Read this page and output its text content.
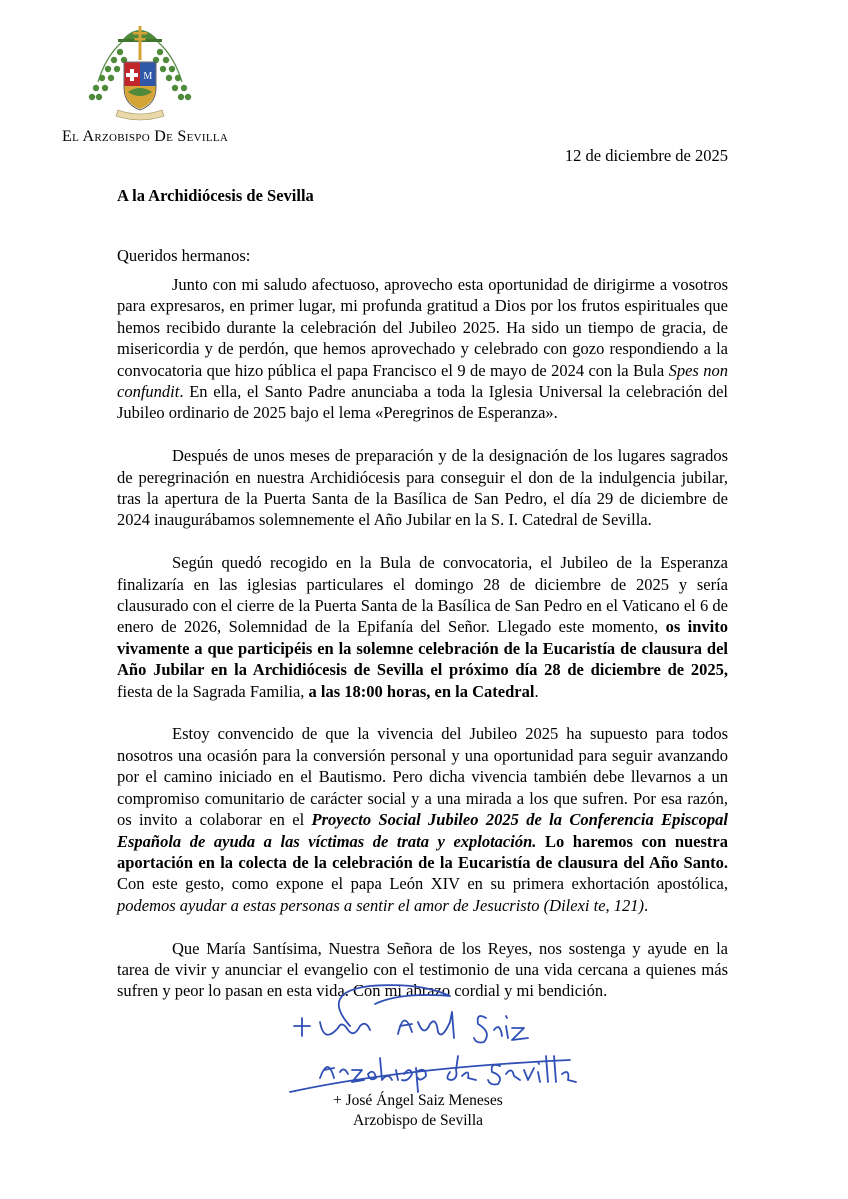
M
El Arzobispo De Sevilla
12 de diciembre de 2025
A la Archidiócesis de Sevilla
Queridos hermanos:

Junto con mi saludo afectuoso, aprovecho esta oportunidad de dirigirme a vosotros para expresaros, en primer lugar, mi profunda gratitud a Dios por los frutos espirituales que hemos recibido durante la celebración del Jubileo 2025. Ha sido un tiempo de gracia, de misericordia y de perdón, que hemos aprovechado y celebrado con gozo respondiendo a la convocatoria que hizo pública el papa Francisco el 9 de mayo de 2024 con la Bula Spes non confundit. En ella, el Santo Padre anunciaba a toda la Iglesia Universal la celebración del Jubileo ordinario de 2025 bajo el lema «Peregrinos de Esperanza».

Después de unos meses de preparación y de la designación de los lugares sagrados de peregrinación en nuestra Archidiócesis para conseguir el don de la indulgencia jubilar, tras la apertura de la Puerta Santa de la Basílica de San Pedro, el día 29 de diciembre de 2024 inaugurábamos solemnemente el Año Jubilar en la S. I. Catedral de Sevilla.

Según quedó recogido en la Bula de convocatoria, el Jubileo de la Esperanza finalizaría en las iglesias particulares el domingo 28 de diciembre de 2025 y sería clausurado con el cierre de la Puerta Santa de la Basílica de San Pedro en el Vaticano el 6 de enero de 2026, Solemnidad de la Epifanía del Señor. Llegado este momento, os invito vivamente a que participéis en la solemne celebración de la Eucaristía de clausura del Año Jubilar en la Archidiócesis de Sevilla el próximo día 28 de diciembre de 2025, fiesta de la Sagrada Familia, a las 18:00 horas, en la Catedral.

Estoy convencido de que la vivencia del Jubileo 2025 ha supuesto para todos nosotros una ocasión para la conversión personal y una oportunidad para seguir avanzando por el camino iniciado en el Bautismo. Pero dicha vivencia también debe llevarnos a un compromiso comunitario de carácter social y a una mirada a los que sufren. Por esa razón, os invito a colaborar en el Proyecto Social Jubileo 2025 de la Conferencia Episcopal Española de ayuda a las víctimas de trata y explotación. Lo haremos con nuestra aportación en la colecta de la celebración de la Eucaristía de clausura del Año Santo. Con este gesto, como expone el papa León XIV en su primera exhortación apostólica, podemos ayudar a estas personas a sentir el amor de Jesucristo (Dilexi te, 121).

Que María Santísima, Nuestra Señora de los Reyes, nos sostenga y ayude en la tarea de vivir y anunciar el evangelio con el testimonio de una vida cercana a quienes más sufren y peor lo pasan en esta vida. Con mi abrazo cordial y mi bendición.

+ José Ángel Saiz Meneses
Arzobispo de Sevilla
